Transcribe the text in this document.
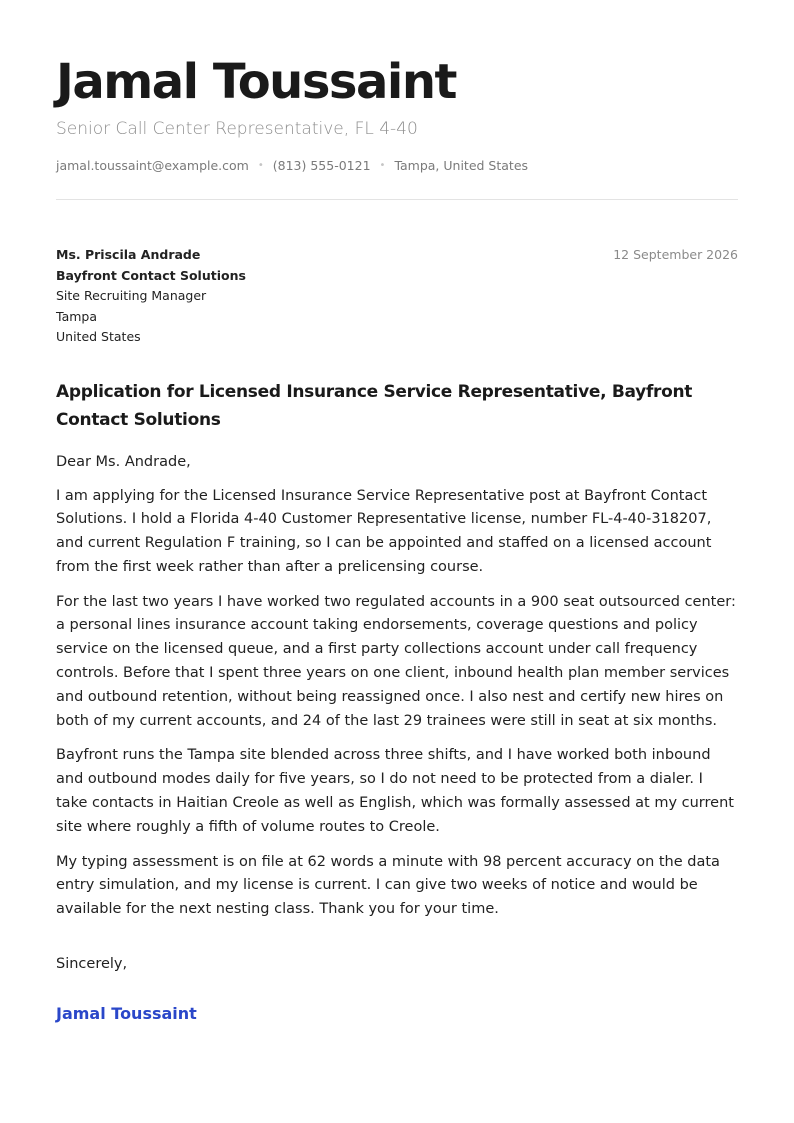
Jamal Toussaint
Senior Call Center Representative, FL 4-40
jamal.toussaint@example.com • (813) 555-0121 • Tampa, United States
Ms. Priscila Andrade
Bayfront Contact Solutions
Site Recruiting Manager
Tampa
United States
12 September 2026
Application for Licensed Insurance Service Representative, Bayfront Contact Solutions
Dear Ms. Andrade,
I am applying for the Licensed Insurance Service Representative post at Bayfront Contact Solutions. I hold a Florida 4-40 Customer Representative license, number FL-4-40-318207, and current Regulation F training, so I can be appointed and staffed on a licensed account from the first week rather than after a prelicensing course.
For the last two years I have worked two regulated accounts in a 900 seat outsourced center: a personal lines insurance account taking endorsements, coverage questions and policy service on the licensed queue, and a first party collections account under call frequency controls. Before that I spent three years on one client, inbound health plan member services and outbound retention, without being reassigned once. I also nest and certify new hires on both of my current accounts, and 24 of the last 29 trainees were still in seat at six months.
Bayfront runs the Tampa site blended across three shifts, and I have worked both inbound and outbound modes daily for five years, so I do not need to be protected from a dialer. I take contacts in Haitian Creole as well as English, which was formally assessed at my current site where roughly a fifth of volume routes to Creole.
My typing assessment is on file at 62 words a minute with 98 percent accuracy on the data entry simulation, and my license is current. I can give two weeks of notice and would be available for the next nesting class. Thank you for your time.
Sincerely,
Jamal Toussaint
